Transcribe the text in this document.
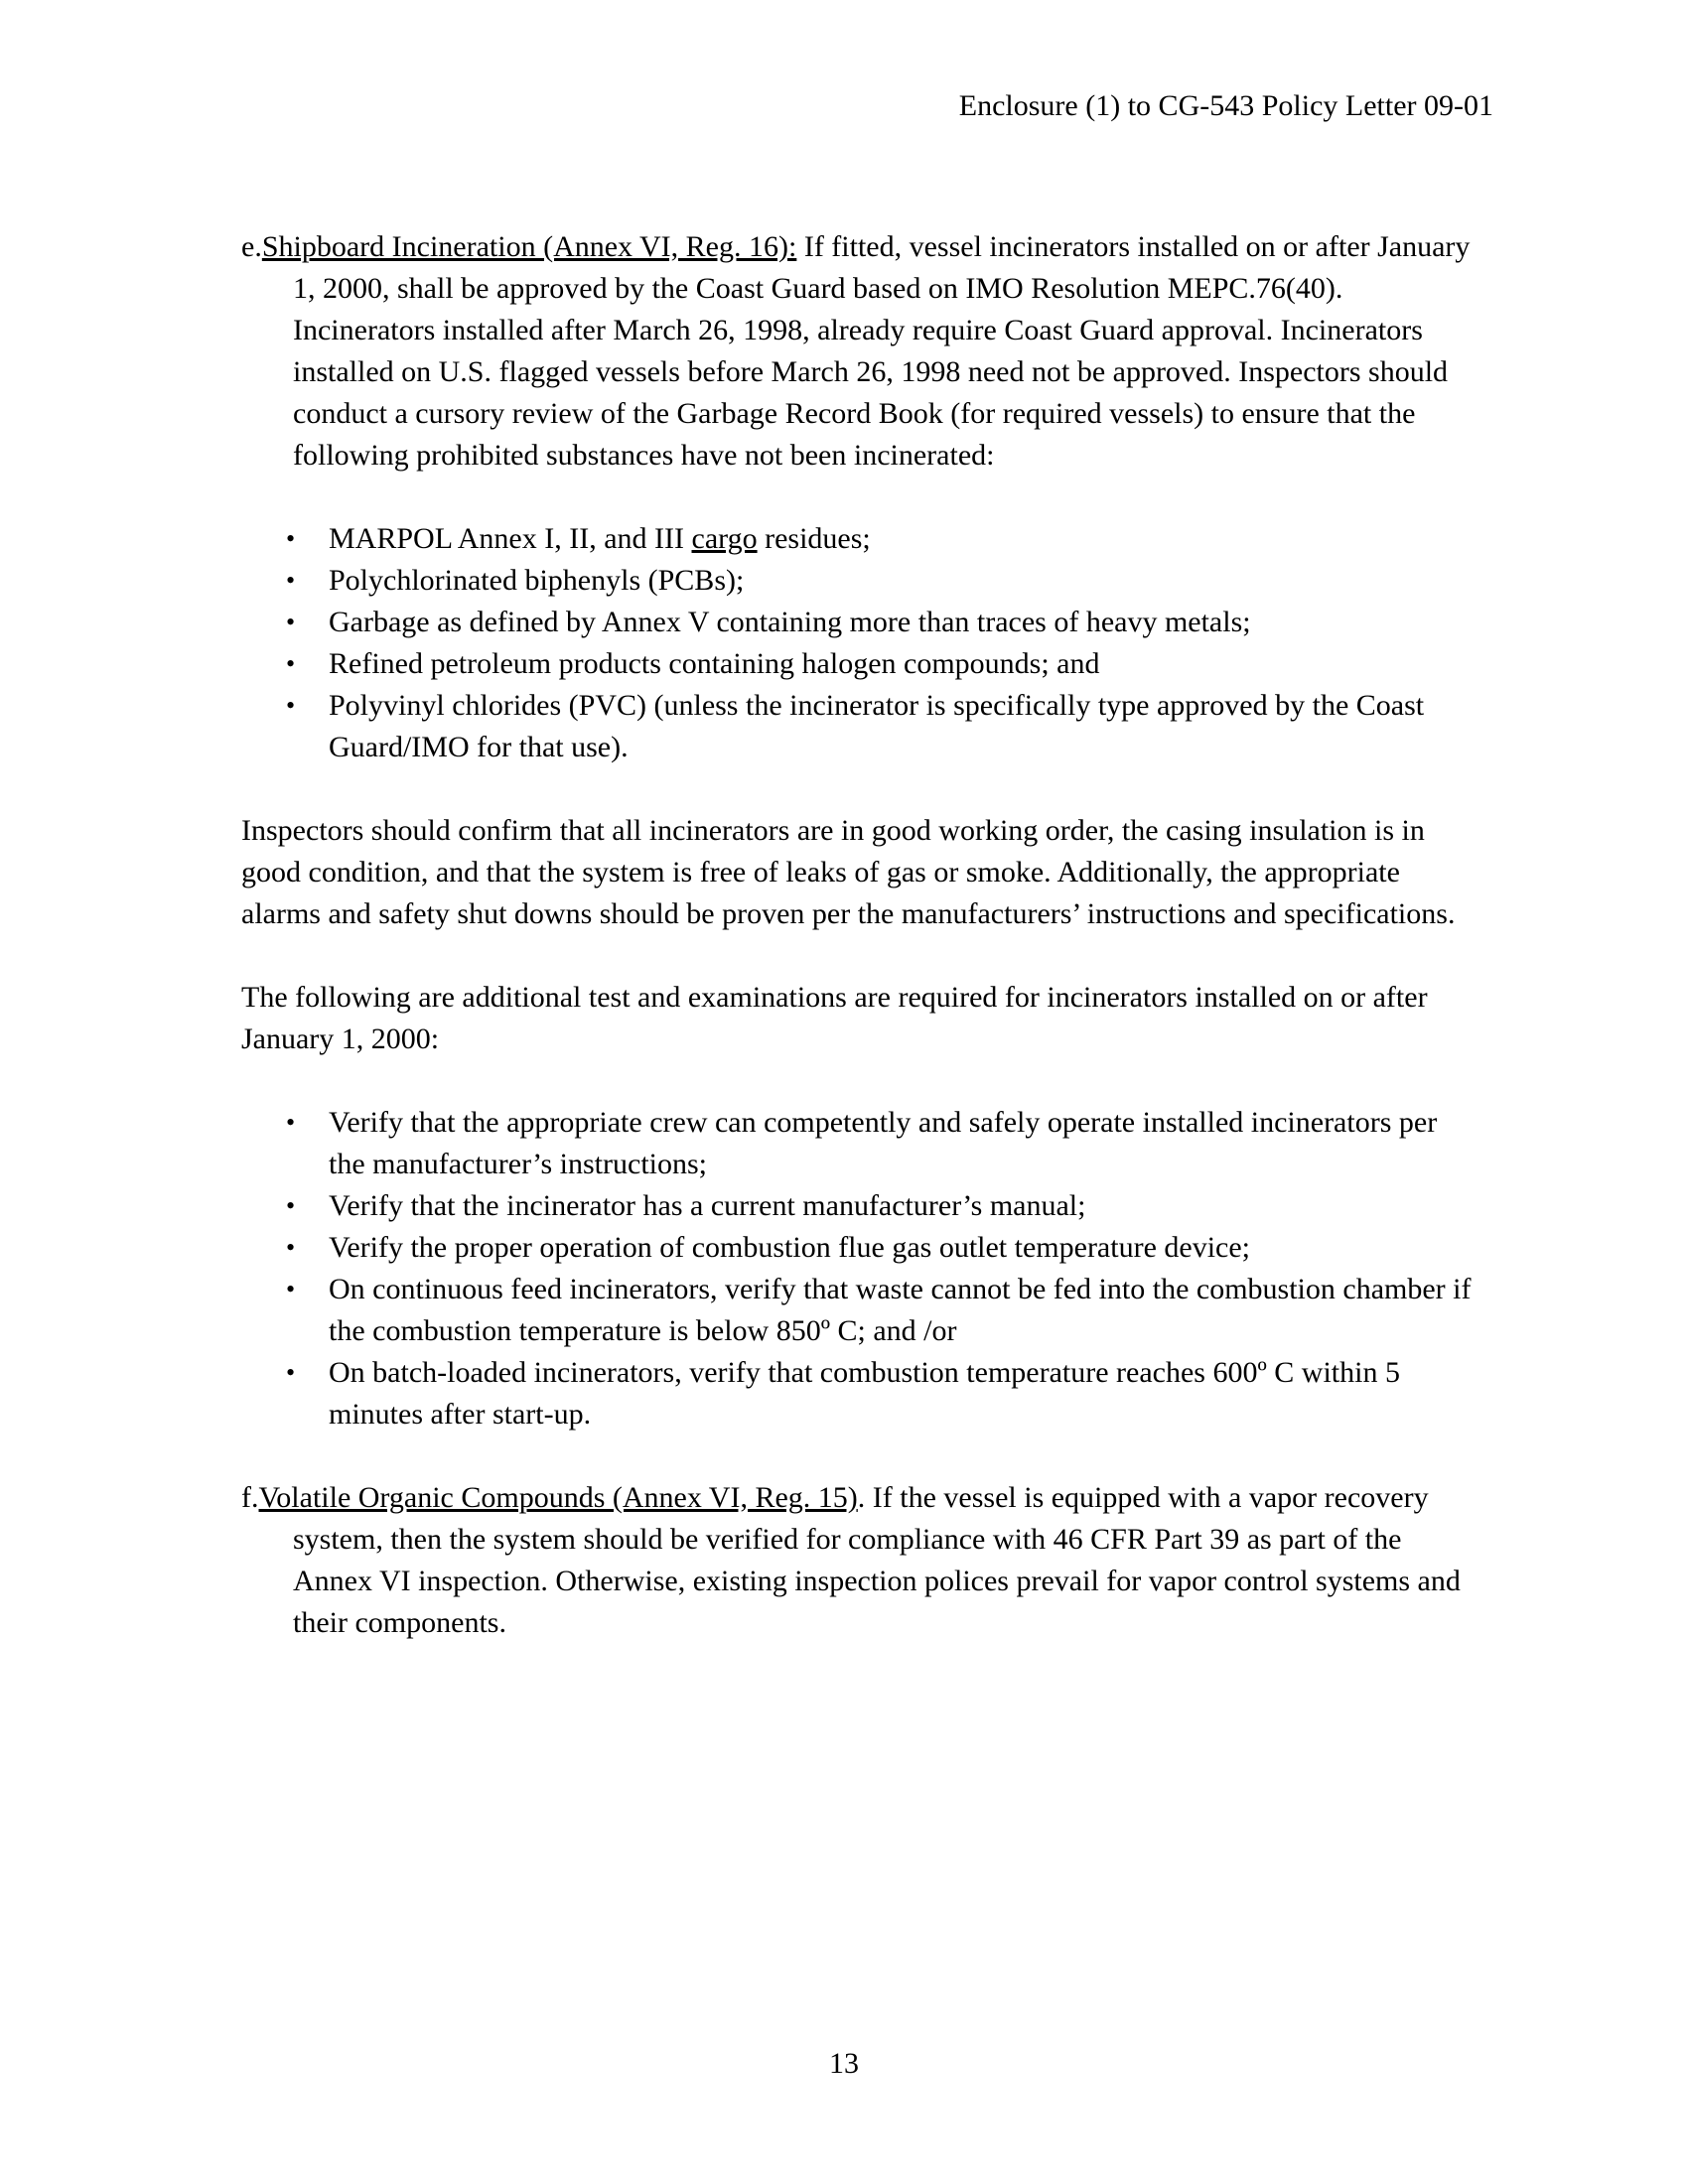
Enclosure (1) to CG-543 Policy Letter 09-01

e.Shipboard Incineration (Annex VI, Reg. 16): If fitted, vessel incinerators installed on or after January 1, 2000, shall be approved by the Coast Guard based on IMO Resolution MEPC.76(40). Incinerators installed after March 26, 1998, already require Coast Guard approval. Incinerators installed on U.S. flagged vessels before March 26, 1998 need not be approved. Inspectors should conduct a cursory review of the Garbage Record Book (for required vessels) to ensure that the following prohibited substances have not been incinerated:

• MARPOL Annex I, II, and III cargo residues;
• Polychlorinated biphenyls (PCBs);
• Garbage as defined by Annex V containing more than traces of heavy metals;
• Refined petroleum products containing halogen compounds; and
• Polyvinyl chlorides (PVC) (unless the incinerator is specifically type approved by the Coast Guard/IMO for that use).

Inspectors should confirm that all incinerators are in good working order, the casing insulation is in good condition, and that the system is free of leaks of gas or smoke. Additionally, the appropriate alarms and safety shut downs should be proven per the manufacturers’ instructions and specifications.

The following are additional test and examinations are required for incinerators installed on or after January 1, 2000:

• Verify that the appropriate crew can competently and safely operate installed incinerators per the manufacturer’s instructions;
• Verify that the incinerator has a current manufacturer’s manual;
• Verify the proper operation of combustion flue gas outlet temperature device;
• On continuous feed incinerators, verify that waste cannot be fed into the combustion chamber if the combustion temperature is below 850º C; and /or
• On batch-loaded incinerators, verify that combustion temperature reaches 600º C within 5 minutes after start-up.

f.Volatile Organic Compounds (Annex VI, Reg. 15). If the vessel is equipped with a vapor recovery system, then the system should be verified for compliance with 46 CFR Part 39 as part of the Annex VI inspection. Otherwise, existing inspection polices prevail for vapor control systems and their components.

13
